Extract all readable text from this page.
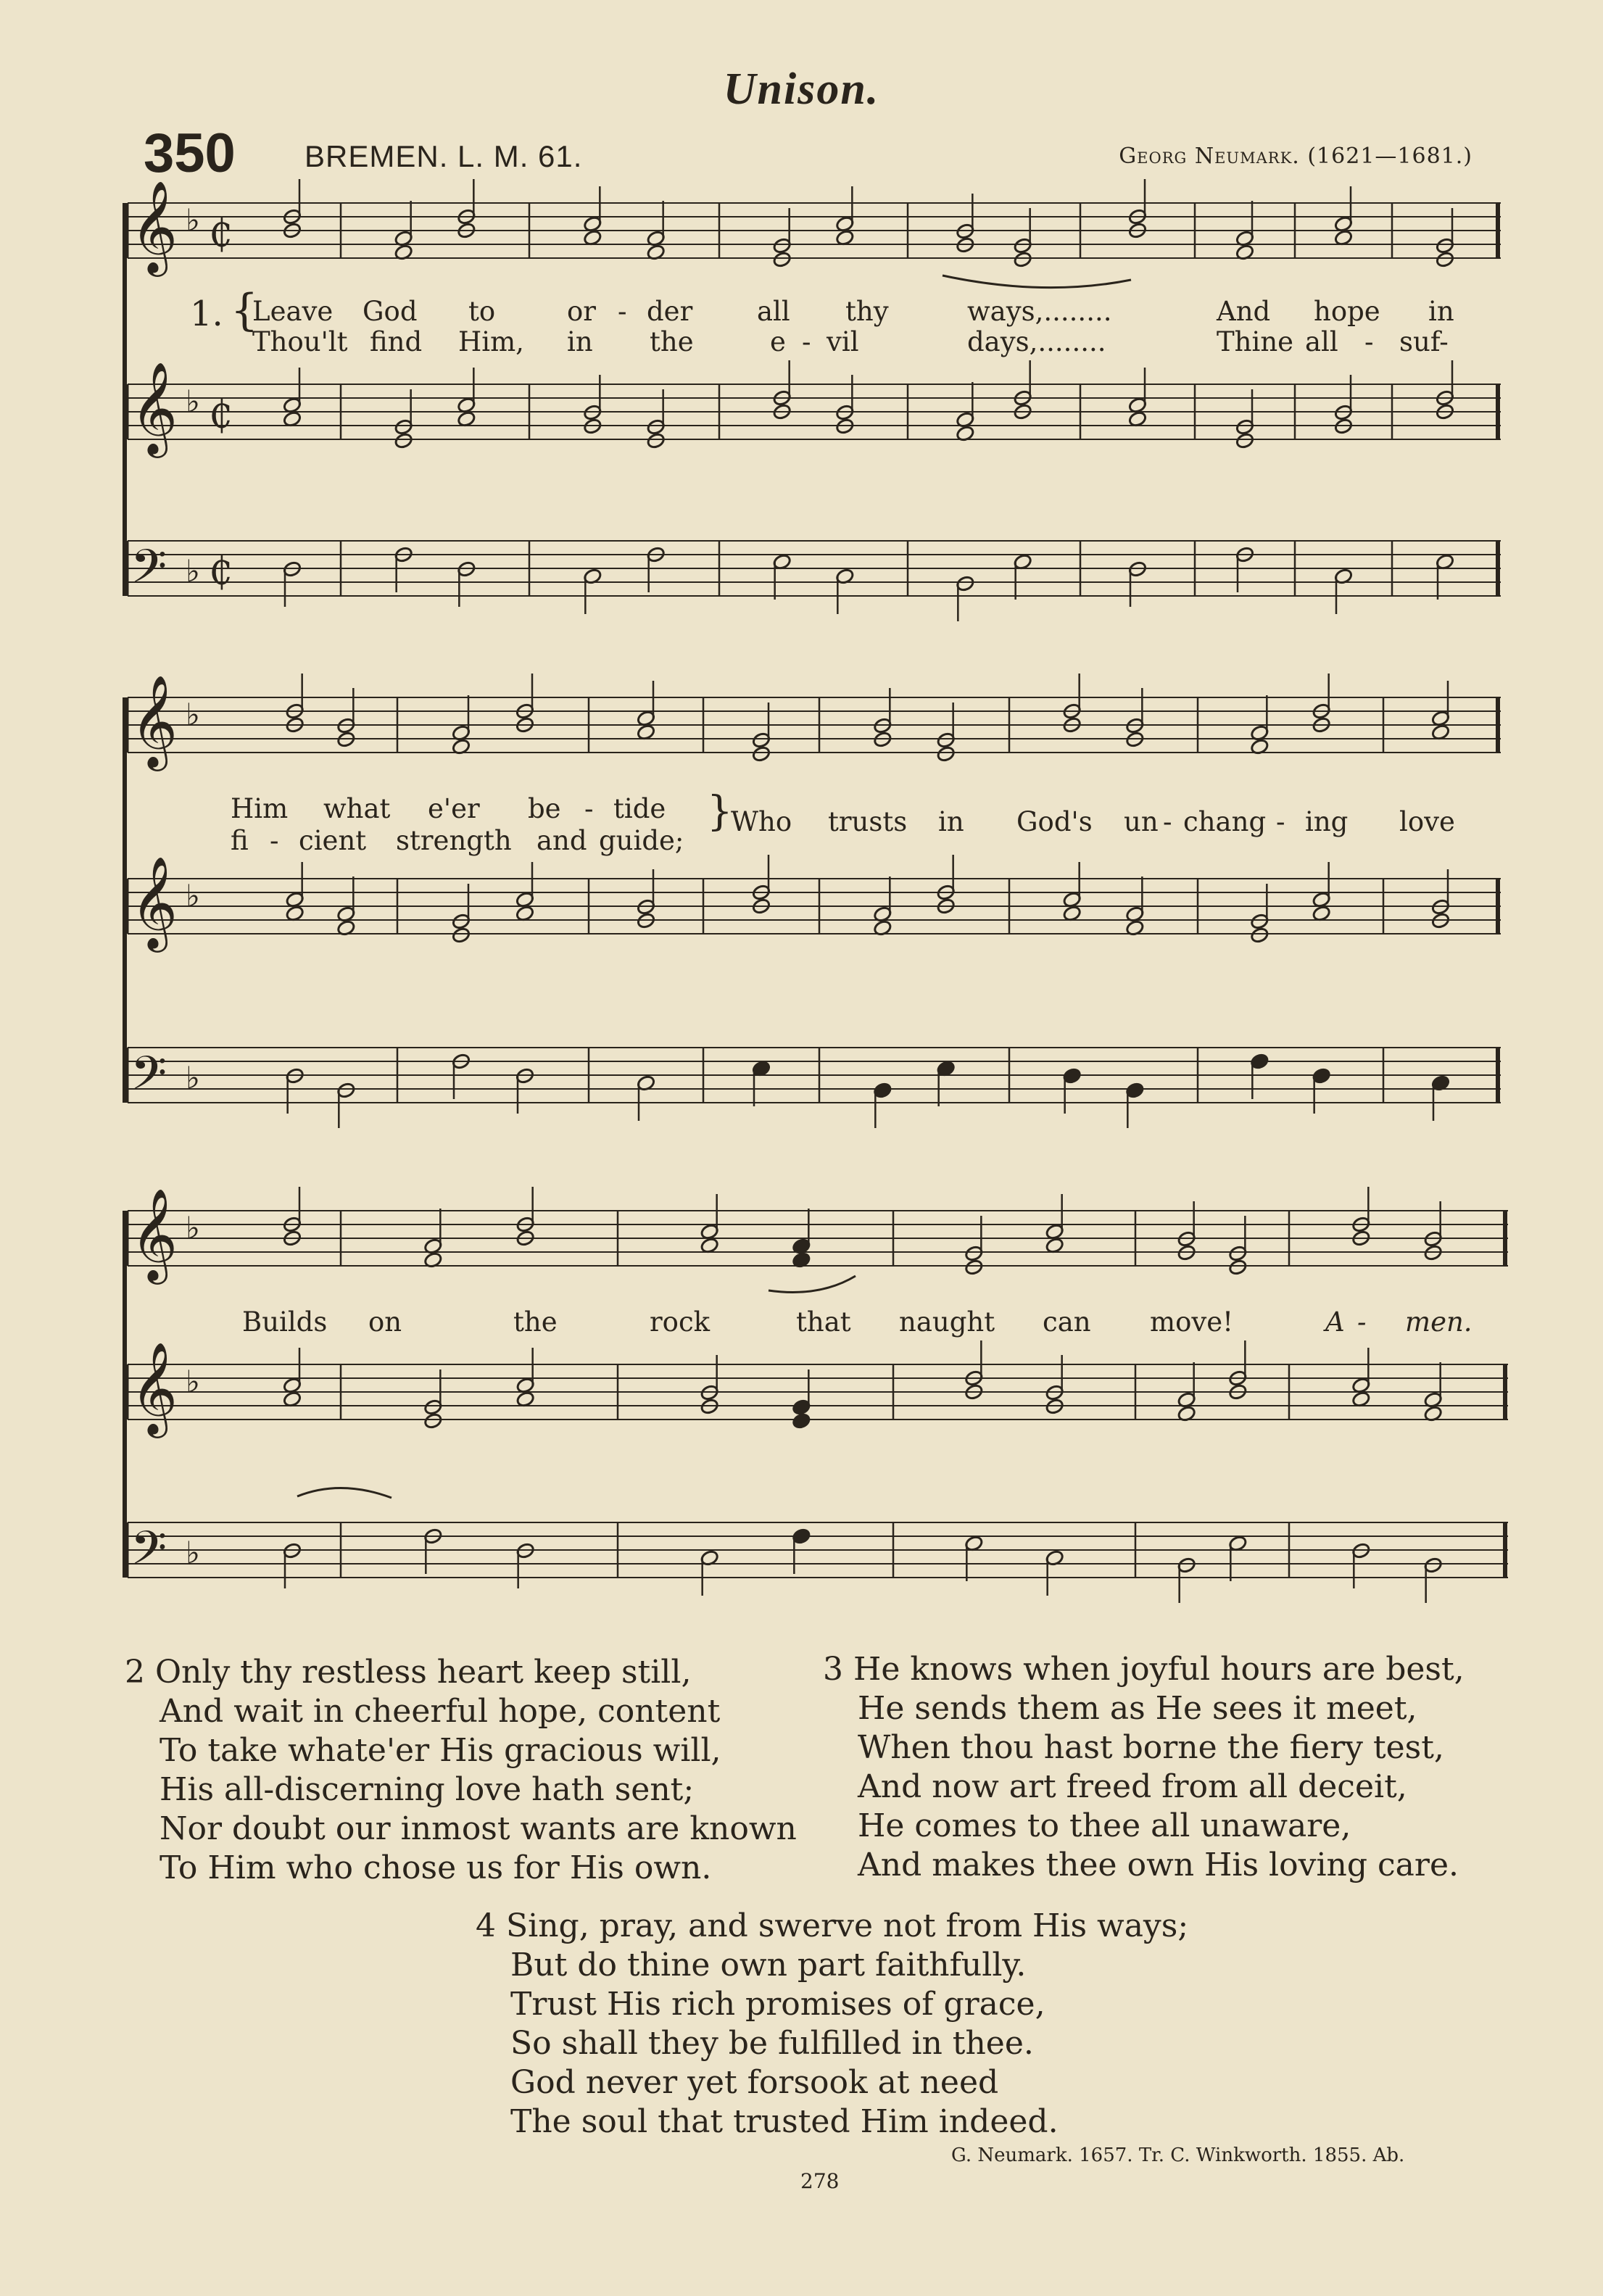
Unison.
350 BREMEN. L. M. 61.	Georg Neumark. (1621—1681.)
𝄞 ♭ ₵
𝄞 ♭ ₵
𝄢 ♭ ₵
𝄞 ♭
𝄞 ♭
𝄢 ♭
𝄞 ♭
𝄞 ♭
𝄢 ♭
1. {
Leave God to	or - der all thy	ways,........	And hope in
Thou'lt find Him, in the	e - vil	days,........	Thine all - suf-
Him what e'er be - tide
fi - cient strength and guide;
}
Who trusts in God's un - chang - ing love
Builds on	the	rock	that naught can move!	A - men.
2 Only thy restless heart keep still,
And wait in cheerful hope, content
To take whate'er His gracious will,
His all-discerning love hath sent;
Nor doubt our inmost wants are known
To Him who chose us for His own.
3 He knows when joyful hours are best,
He sends them as He sees it meet,
When thou hast borne the fiery test,
And now art freed from all deceit,
He comes to thee all unaware,
And makes thee own His loving care.
4 Sing, pray, and swerve not from His ways;
But do thine own part faithfully.
Trust His rich promises of grace,
So shall they be fulfilled in thee.
God never yet forsook at need
The soul that trusted Him indeed.
G. Neumark. 1657. Tr. C. Winkworth. 1855. Ab.
278
